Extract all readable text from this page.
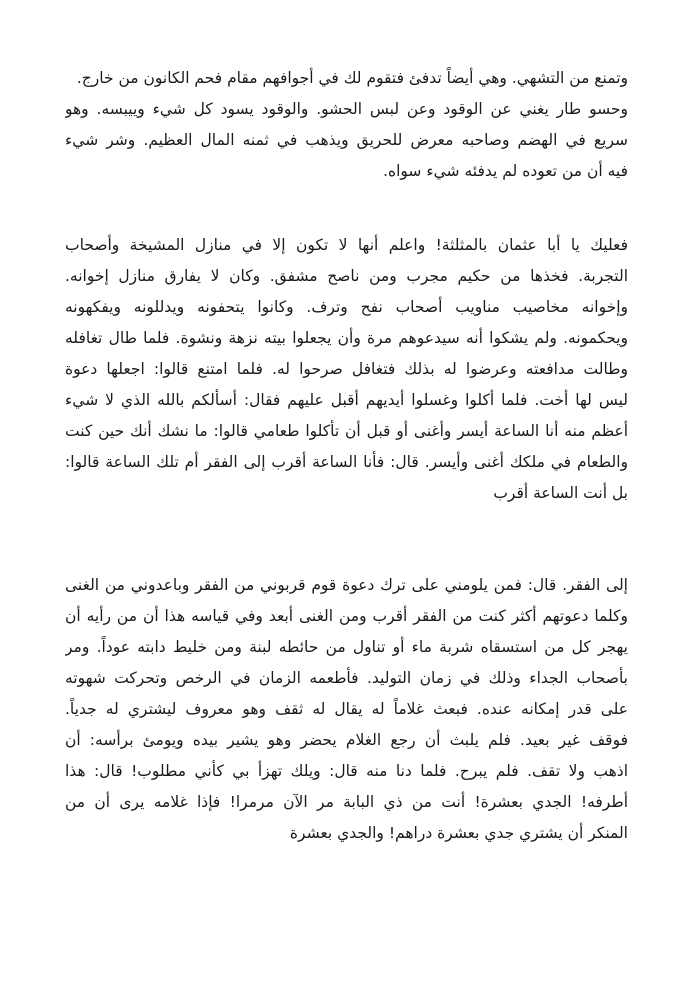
وتمنع من التشهي. وهي أيضاً تدفئ فتقوم لك في أجوافهم مقام فحم الكانون من خارج.
وحسو طار يغني عن الوقود وعن لبس الحشو. والوقود يسود كل شيء وييبسه. وهو
سريع في الهضم وصاحبه معرض للحريق ويذهب في ثمنه المال العظيم. وشر شيء
فيه أن من تعوده لم يدفئه شيء سواه.
فعليك يا أبا عثمان بالمثلثة! واعلم أنها لا تكون إلا في منازل المشيخة وأصحاب
التجربة. فخذها من حكيم مجرب ومن ناصح مشفق. وكان لا يفارق منازل إخوانه.
وإخوانه مخاصيب مناويب أصحاب نفح وترف. وكانوا يتحفونه ويدللونه ويفكهونه
ويحكمونه. ولم يشكوا أنه سيدعوهم مرة وأن يجعلوا بيته نزهة ونشوة. فلما طال تغافله
وطالت مدافعته وعرضوا له بذلك فتغافل صرحوا له. فلما امتنع قالوا: اجعلها دعوة
ليس لها أخت. فلما أكلوا وغسلوا أيديهم أقبل عليهم فقال: أسألكم بالله الذي لا شيء
أعظم منه أنا الساعة أيسر وأغنى أو قبل أن تأكلوا طعامي قالوا: ما نشك أنك حين كنت
والطعام في ملكك أغنى وأيسر. قال: فأنا الساعة أقرب إلى الفقر أم تلك الساعة قالوا:
بل أنت الساعة أقرب
إلى الفقر. قال: فمن يلومني على ترك دعوة قوم قربوني من الفقر وباعدوني من الغنى
وكلما دعوتهم أكثر كنت من الفقر أقرب ومن الغنى أبعد وفي قياسه هذا أن من رأيه أن
يهجر كل من استسقاه شربة ماء أو تناول من حائطه لبنة ومن خليط دابته عوداً. ومر
بأصحاب الجداء وذلك في زمان التوليد. فأطعمه الزمان في الرخص وتحركت شهوته
على قدر إمكانه عنده. فبعث غلاماً له يقال له ثقف وهو معروف ليشتري له جدياً.
فوقف غير بعيد. فلم يلبث أن رجع الغلام يحضر وهو يشير بيده ويومئ برأسه: أن
اذهب ولا تقف. فلم يبرح. فلما دنا منه قال: ويلك تهزأ بي كأني مطلوب! قال: هذا
أطرفه! الجدي بعشرة! أنت من ذي البابة مر الآن مرمرا! فإذا غلامه يرى أن من
المنكر أن يشتري جدي بعشرة دراهم! والجدي بعشرة
